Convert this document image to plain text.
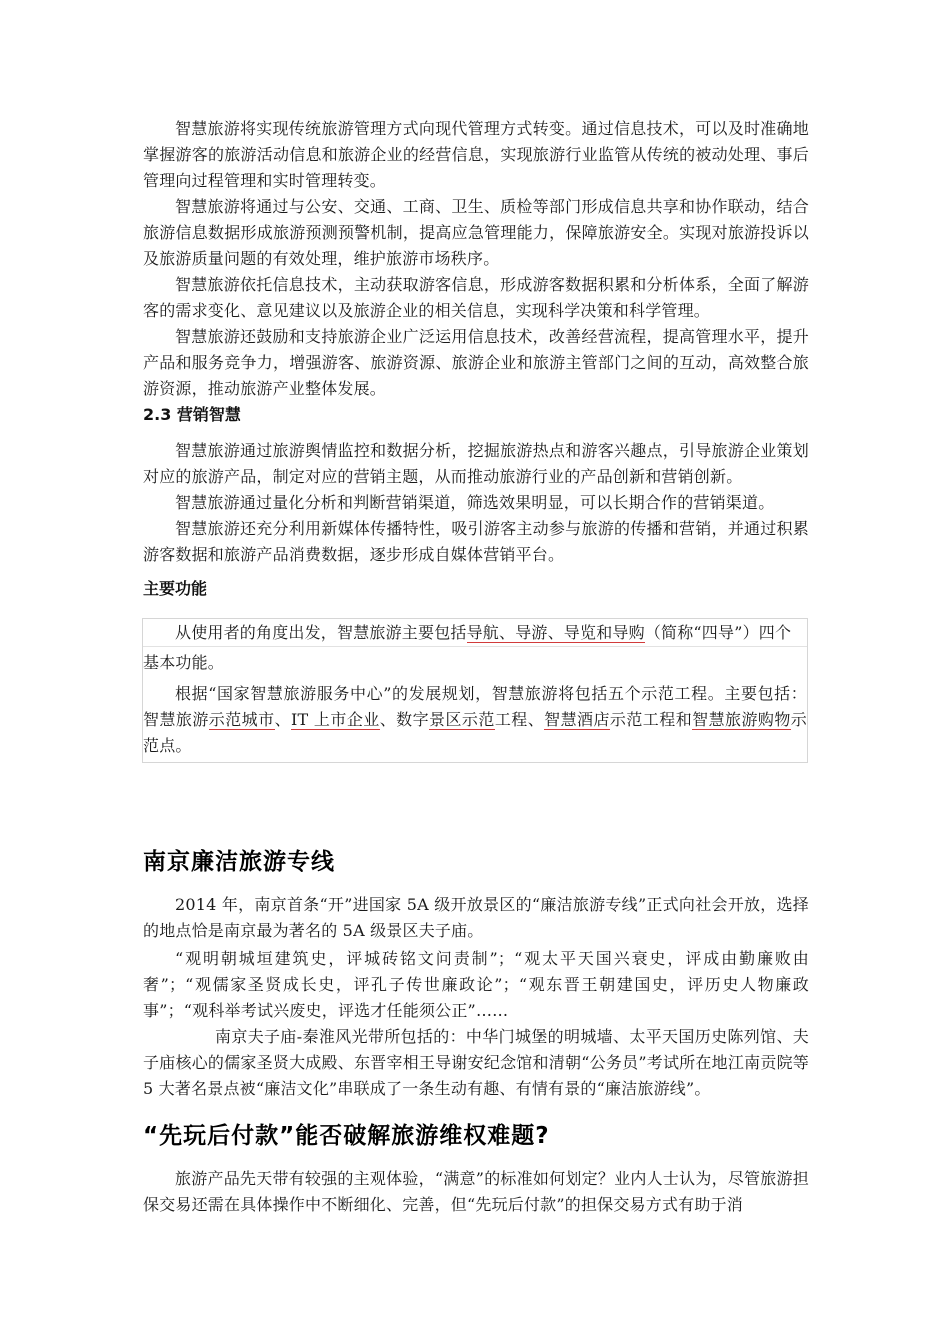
智慧旅游将实现传统旅游管理方式向现代管理方式转变。通过信息技术，可以及时准确地掌握游客的旅游活动信息和旅游企业的经营信息，实现旅游行业监管从传统的被动处理、事后管理向过程管理和实时管理转变。

智慧旅游将通过与公安、交通、工商、卫生、质检等部门形成信息共享和协作联动，结合旅游信息数据形成旅游预测预警机制，提高应急管理能力，保障旅游安全。实现对旅游投诉以及旅游质量问题的有效处理，维护旅游市场秩序。

智慧旅游依托信息技术，主动获取游客信息，形成游客数据积累和分析体系，全面了解游客的需求变化、意见建议以及旅游企业的相关信息，实现科学决策和科学管理。

智慧旅游还鼓励和支持旅游企业广泛运用信息技术，改善经营流程，提高管理水平，提升产品和服务竞争力，增强游客、旅游资源、旅游企业和旅游主管部门之间的互动，高效整合旅游资源，推动旅游产业整体发展。

2.3 营销智慧

智慧旅游通过旅游舆情监控和数据分析，挖掘旅游热点和游客兴趣点，引导旅游企业策划对应的旅游产品，制定对应的营销主题，从而推动旅游行业的产品创新和营销创新。

智慧旅游通过量化分析和判断营销渠道，筛选效果明显，可以长期合作的营销渠道。

智慧旅游还充分利用新媒体传播特性，吸引游客主动参与旅游的传播和营销，并通过积累游客数据和旅游产品消费数据，逐步形成自媒体营销平台。

主要功能

从使用者的角度出发，智慧旅游主要包括导航、导游、导览和导购（简称“四导”）四个

基本功能。

根据“国家智慧旅游服务中心”的发展规划，智慧旅游将包括五个示范工程。主要包括：智慧旅游示范城市、IT 上市企业、数字景区示范工程、智慧酒店示范工程和智慧旅游购物示范点。

南京廉洁旅游专线

2014 年，南京首条“开”进国家 5A 级开放景区的“廉洁旅游专线”正式向社会开放，选择的地点恰是南京最为著名的 5A 级景区夫子庙。

“观明朝城垣建筑史，评城砖铭文问责制”；“观太平天国兴衰史，评成由勤廉败由奢”；“观儒家圣贤成长史，评孔子传世廉政论”；“观东晋王朝建国史，评历史人物廉政事”；“观科举考试兴废史，评选才任能须公正”……

南京夫子庙-秦淮风光带所包括的：中华门城堡的明城墙、太平天国历史陈列馆、夫子庙核心的儒家圣贤大成殿、东晋宰相王导谢安纪念馆和清朝“公务员”考试所在地江南贡院等 5 大著名景点被“廉洁文化”串联成了一条生动有趣、有情有景的“廉洁旅游线”。

“先玩后付款”能否破解旅游维权难题?

旅游产品先天带有较强的主观体验，“满意”的标准如何划定？业内人士认为，尽管旅游担保交易还需在具体操作中不断细化、完善，但“先玩后付款”的担保交易方式有助于消
